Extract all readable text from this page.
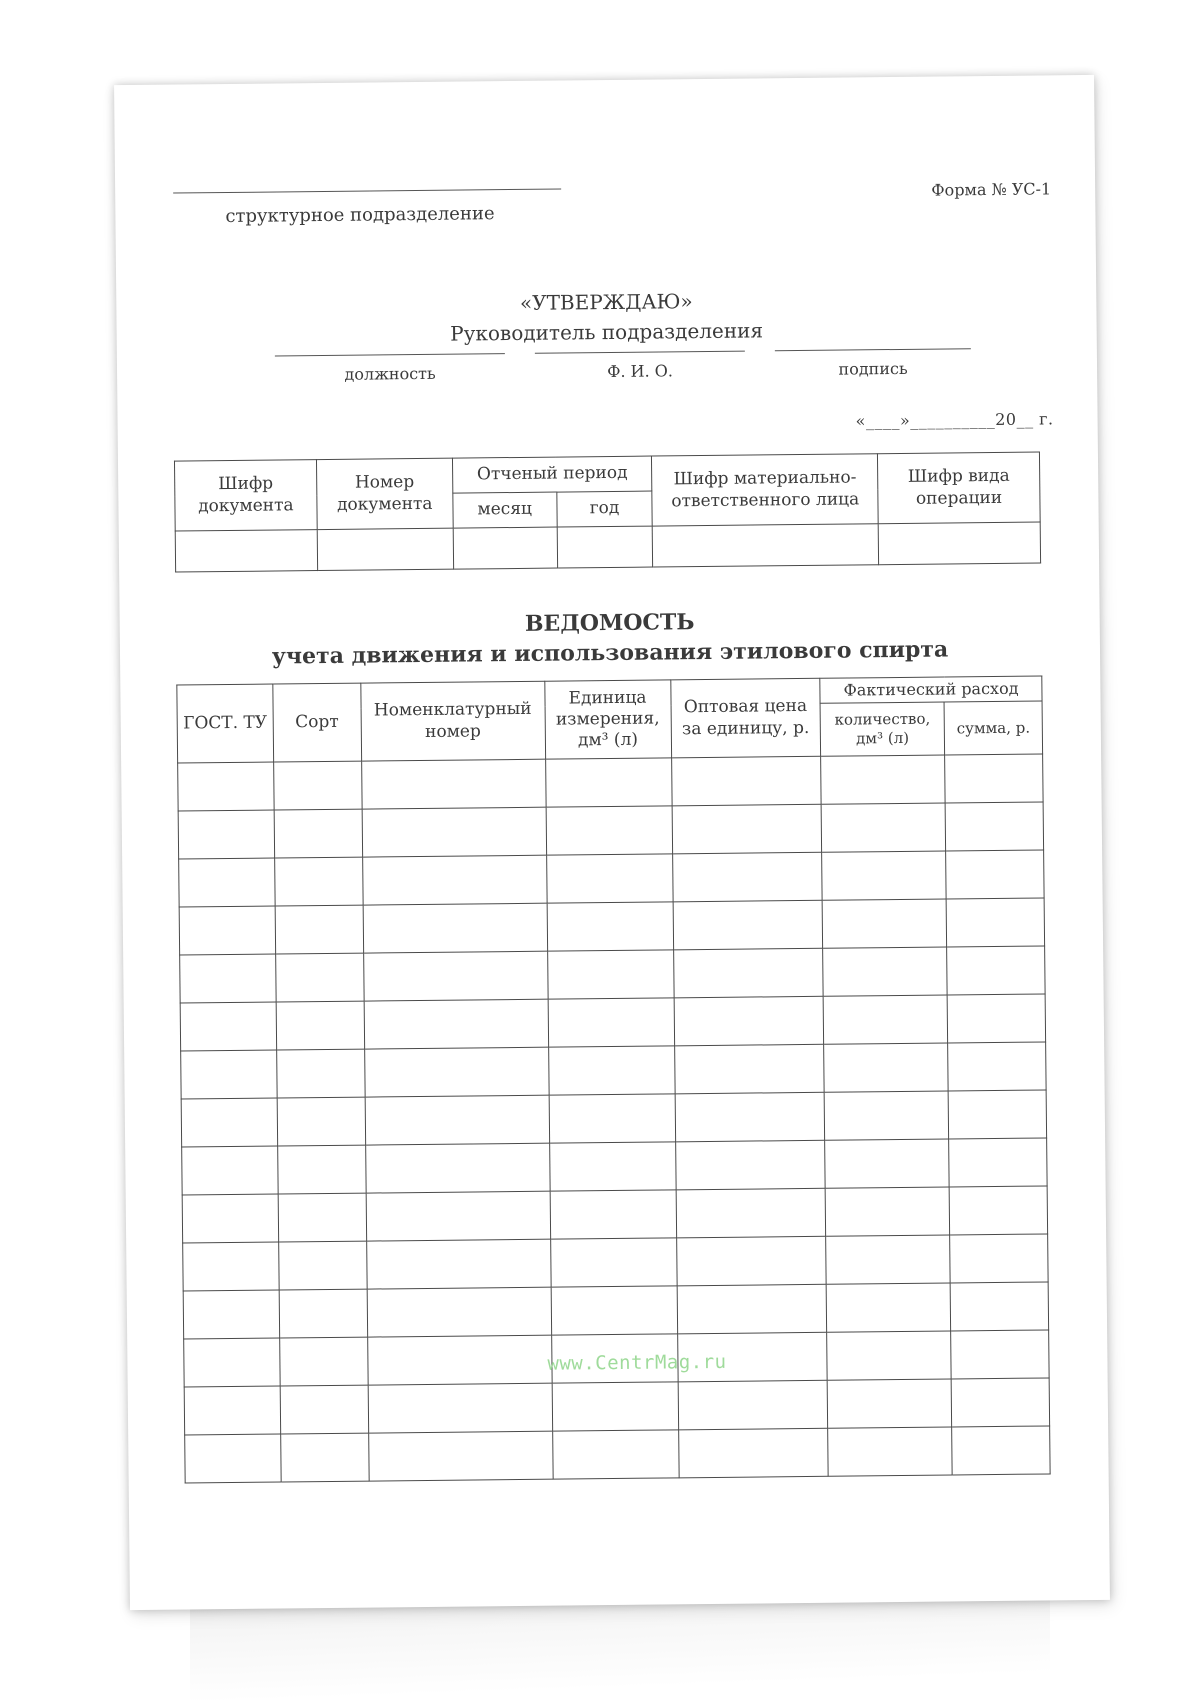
Форма № УС-1
структурное подразделение
«УТВЕРЖДАЮ»
Руководитель подразделения
должность	Ф. И. О.	подпись
«____»__________20__ г.
Шифр документа	Номер документа	Отченый период		Шифр материально-ответственного лица	Шифр вида операции
		месяц	год		

ВЕДОМОСТЬ
учета движения и использования этилового спирта
ГОСТ. ТУ	Сорт	Номенклатурный номер	Единица измерения, дм³ (л)	Оптовая цена за единицу, р.	Фактический расход	
					количество, дм³ (л)	сумма, р.

www.CentrMag.ru
